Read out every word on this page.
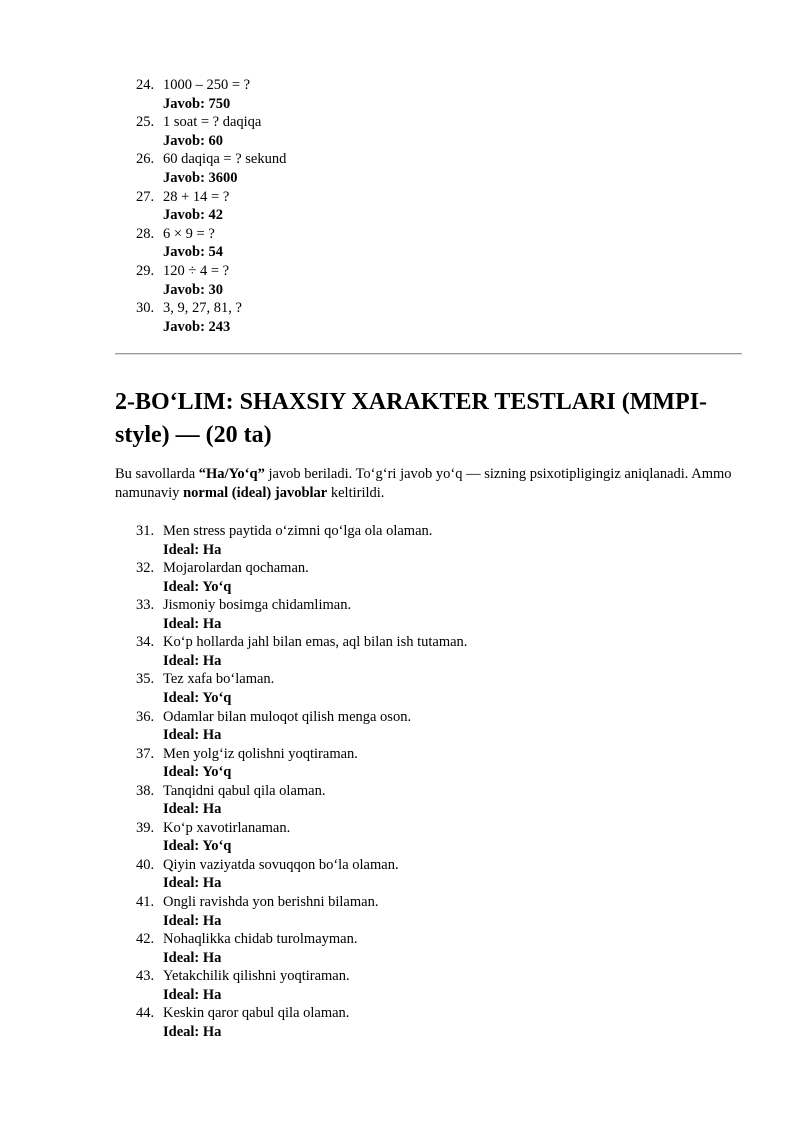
24. 1000 – 250 = ?
Javob: 750
25. 1 soat = ? daqiqa
Javob: 60
26. 60 daqiqa = ? sekund
Javob: 3600
27. 28 + 14 = ?
Javob: 42
28. 6 × 9 = ?
Javob: 54
29. 120 ÷ 4 = ?
Javob: 30
30. 3, 9, 27, 81, ?
Javob: 243
2-BO‘LIM: SHAXSIY XARAKTER TESTLARI (MMPI-style) — (20 ta)

Bu savollarda “Ha/Yo‘q” javob beriladi. To‘g‘ri javob yo‘q — sizning psixotipligingiz aniqlanadi. Ammo namunaviy normal (ideal) javoblar keltirildi.

31. Men stress paytida o‘zimni qo‘lga ola olaman.
Ideal: Ha
32. Mojarolardan qochaman.
Ideal: Yo‘q
33. Jismoniy bosimga chidamliman.
Ideal: Ha
34. Ko‘p hollarda jahl bilan emas, aql bilan ish tutaman.
Ideal: Ha
35. Tez xafa bo‘laman.
Ideal: Yo‘q
36. Odamlar bilan muloqot qilish menga oson.
Ideal: Ha
37. Men yolg‘iz qolishni yoqtiraman.
Ideal: Yo‘q
38. Tanqidni qabul qila olaman.
Ideal: Ha
39. Ko‘p xavotirlanaman.
Ideal: Yo‘q
40. Qiyin vaziyatda sovuqqon bo‘la olaman.
Ideal: Ha
41. Ongli ravishda yon berishni bilaman.
Ideal: Ha
42. Nohaqlikka chidab turolmayman.
Ideal: Ha
43. Yetakchilik qilishni yoqtiraman.
Ideal: Ha
44. Keskin qaror qabul qila olaman.
Ideal: Ha
